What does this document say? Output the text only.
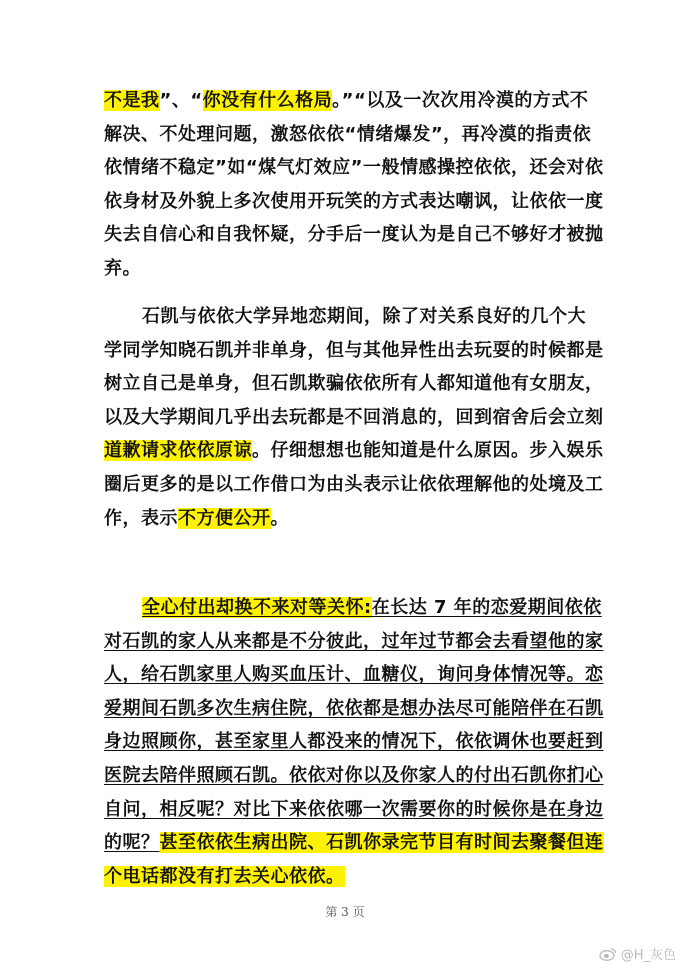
不是我”、“你没有什么格局。”“以及一次次用冷漠的方式不解决、不处理问题，激怒依依“情绪爆发”，再冷漠的指责依依情绪不稳定”如“煤气灯效应”一般情感操控依依，还会对依依身材及外貌上多次使用开玩笑的方式表达嘲讽，让依依一度失去自信心和自我怀疑，分手后一度认为是自己不够好才被抛弃。
石凯与依依大学异地恋期间，除了对关系良好的几个大学同学知晓石凯并非单身，但与其他异性出去玩耍的时候都是树立自己是单身，但石凯欺骗依依所有人都知道他有女朋友，以及大学期间几乎出去玩都是不回消息的，回到宿舍后会立刻道歉请求依依原谅。仔细想想也能知道是什么原因。步入娱乐圈后更多的是以工作借口为由头表示让依依理解他的处境及工作，表示不方便公开。
全心付出却换不来对等关怀:在长达 7 年的恋爱期间依依对石凯的家人从来都是不分彼此，过年过节都会去看望他的家人，给石凯家里人购买血压计、血糖仪，询问身体情况等。恋爱期间石凯多次生病住院，依依都是想办法尽可能陪伴在石凯身边照顾你，甚至家里人都没来的情况下，依依调休也要赶到医院去陪伴照顾石凯。依依对你以及你家人的付出石凯你扪心自问，相反呢？对比下来依依哪一次需要你的时候你是在身边的呢？甚至依依生病出院、石凯你录完节目有时间去聚餐但连个电话都没有打去关心依依。
第 3 页
@H_灰色
